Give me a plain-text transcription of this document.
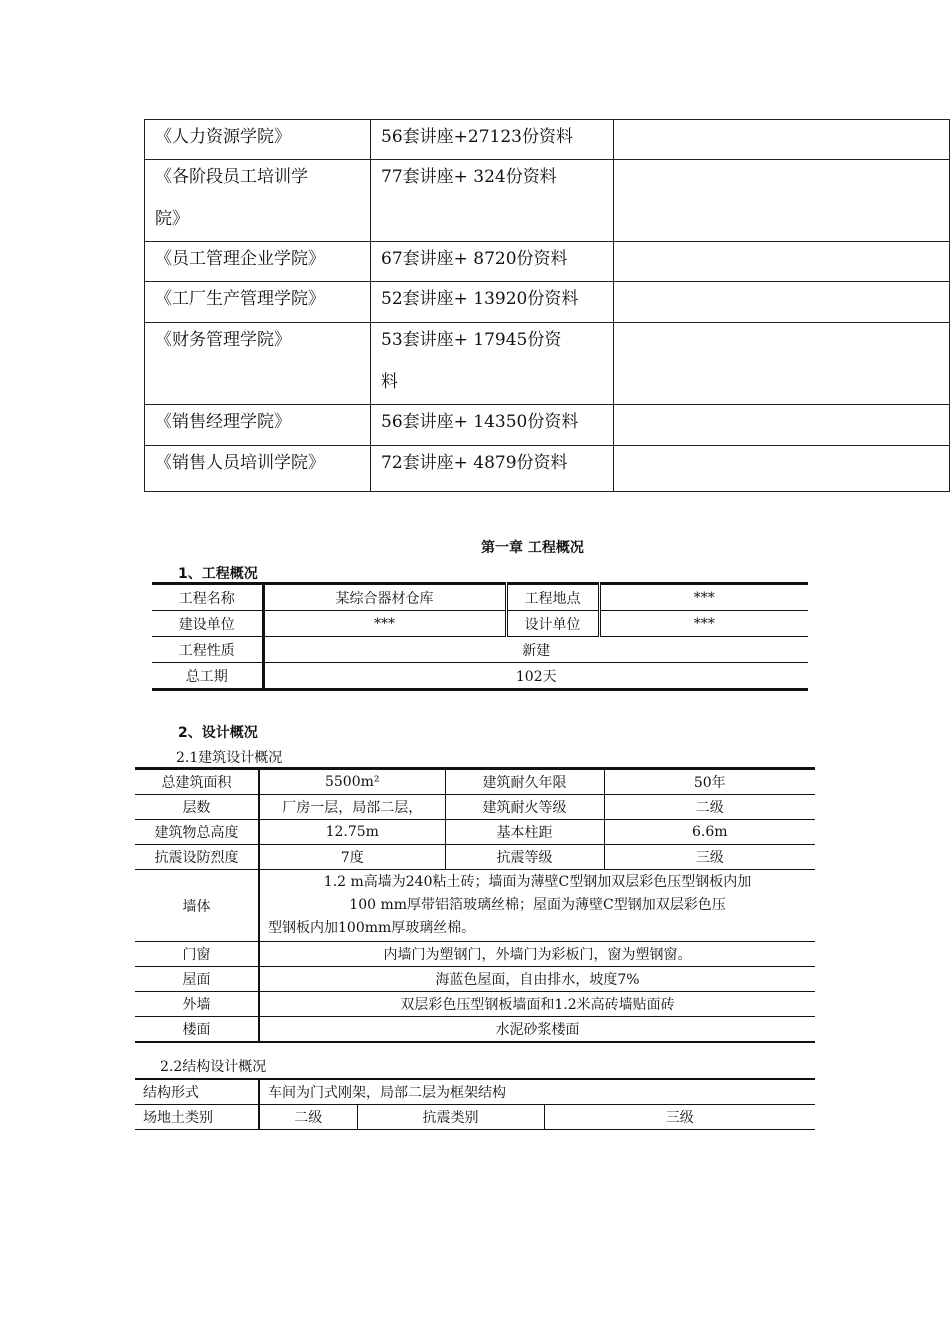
《人力资源学院》	56套讲座+27123份资料	

《各阶段员工培训学
院》	77套讲座+ 324份资料	

《员工管理企业学院》	67套讲座+ 8720份资料	

《工厂生产管理学院》	52套讲座+ 13920份资料	

《财务管理学院》	53套讲座+ 17945份资
料	

《销售经理学院》	56套讲座+ 14350份资料	

《销售人员培训学院》	72套讲座+ 4879份资料	

第一章 工程概况
1、工程概况
工程名称	某综合器材仓库	工程地点	***
建设单位	***	设计单位	***
工程性质	新建		
总工期	102天		
2、设计概况
2.1建筑设计概况
总建筑面积	5500m²	建筑耐久年限	50年
层数	厂房一层，局部二层，	建筑耐火等级	二级
建筑物总高度	12.75m	基本柱距	6.6m
抗震设防烈度	7度	抗震等级	三级
墙体	1.2 m高墙为240粘土砖；墙面为薄壁C型钢加双层彩色压型钢板内加
100 mm厚带铝箔玻璃丝棉；屋面为薄壁C型钢加双层彩色压
型钢板内加100mm厚玻璃丝棉。		

门窗	内墙门为塑钢门，外墙门为彩板门，窗为塑钢窗。		
屋面	海蓝色屋面，自由排水，坡度7%		
外墙	双层彩色压型钢板墙面和1.2米高砖墙贴面砖		
楼面	水泥砂浆楼面		
2.2结构设计概况
结构形式	车间为门式刚架，局部二层为框架结构		
场地土类别	二级	抗震类别	三级
